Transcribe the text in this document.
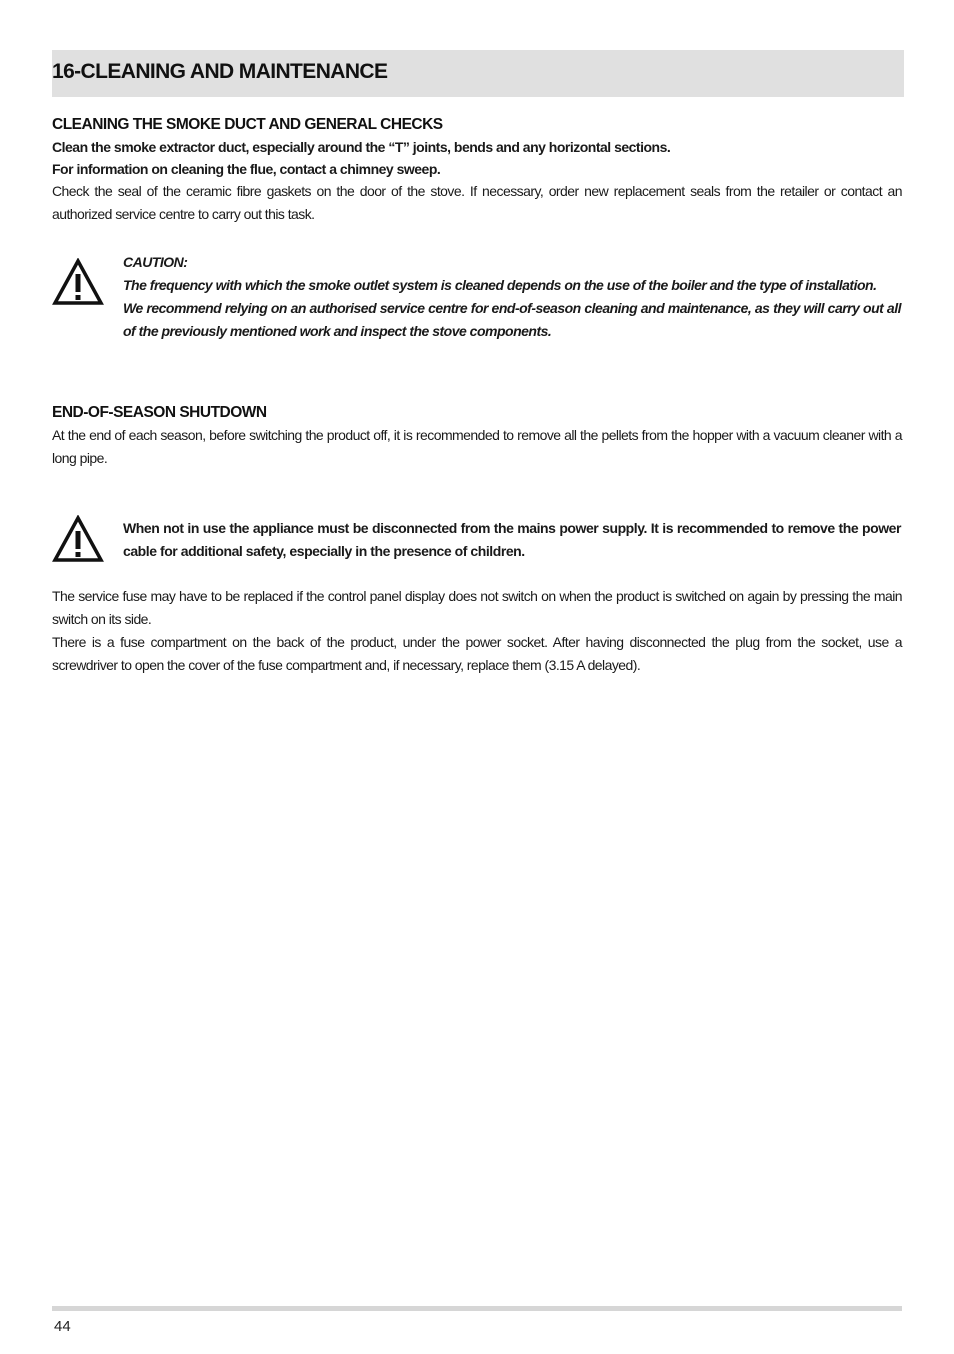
16-CLEANING AND MAINTENANCE
CLEANING THE SMOKE DUCT AND GENERAL CHECKS

Clean the smoke extractor duct, especially around the “T” joints, bends and any horizontal sections.

For information on cleaning the flue, contact a chimney sweep.

Check the seal of the ceramic fibre gaskets on the door of the stove. If necessary, order new replacement seals from the retailer or contact an authorized service centre to carry out this task.

CAUTION:

The frequency with which the smoke outlet system is cleaned depends on the use of the boiler and the type of installation.

We recommend relying on an authorised service centre for end-of-season cleaning and maintenance, as they will carry out all of the previously mentioned work and inspect the stove components.

END-OF-SEASON SHUTDOWN

At the end of each season, before switching the product off, it is recommended to remove all the pellets from the hopper with a vacuum cleaner with a long pipe.

When not in use the appliance must be disconnected from the mains power supply. It is recommended to remove the power cable for additional safety, especially in the presence of children.

The service fuse may have to be replaced if the control panel display does not switch on when the product is switched on again by pressing the main switch on its side.

There is a fuse compartment on the back of the product, under the power socket. After having disconnected the plug from the socket, use a screwdriver to open the cover of the fuse compartment and, if necessary, replace them (3.15 A delayed).

44
